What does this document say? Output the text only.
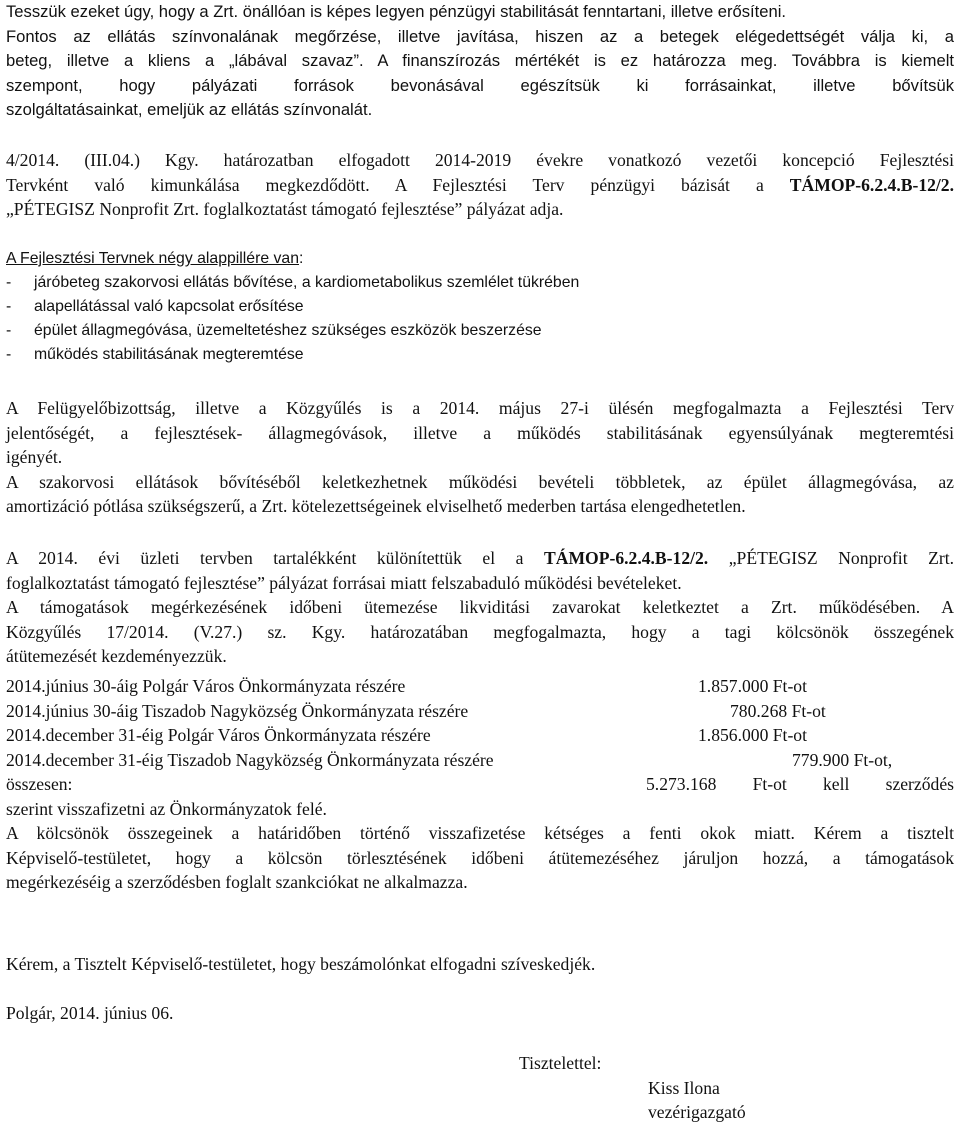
Tesszük ezeket úgy, hogy a Zrt. önállóan is képes legyen pénzügyi stabilitását fenntartani, illetve erősíteni.
Fontos az ellátás színvonalának megőrzése, illetve javítása, hiszen az a betegek elégedettségét válja ki, a
beteg, illetve a kliens a „lábával szavaz”. A finanszírozás mértékét is ez határozza meg. Továbbra is kiemelt
szempont, hogy pályázati források bevonásával egészítsük ki forrásainkat, illetve bővítsük
szolgáltatásainkat, emeljük az ellátás színvonalát.
4/2014. (III.04.) Kgy. határozatban elfogadott 2014-2019 évekre vonatkozó vezetői koncepció Fejlesztési
Tervként való kimunkálása megkezdődött. A Fejlesztési Terv pénzügyi bázisát a TÁMOP-6.2.4.B-12/2.
„PÉTEGISZ Nonprofit Zrt. foglalkoztatást támogató fejlesztése” pályázat adja.
A Fejlesztési Tervnek négy alappillére van:
-	járóbeteg szakorvosi ellátás bővítése, a kardiometabolikus szemlélet tükrében
-	alapellátással való kapcsolat erősítése
-	épület állagmegóvása, üzemeltetéshez szükséges eszközök beszerzése
-	működés stabilitásának megteremtése
A Felügyelőbizottság, illetve a Közgyűlés is a 2014. május 27-i ülésén megfogalmazta a Fejlesztési Terv
jelentőségét, a fejlesztések- állagmegóvások, illetve a működés stabilitásának egyensúlyának megteremtési
igényét.
A szakorvosi ellátások bővítéséből keletkezhetnek működési bevételi többletek, az épület állagmegóvása, az
amortizáció pótlása szükségszerű, a Zrt. kötelezettségeinek elviselhető mederben tartása elengedhetetlen.
A 2014. évi üzleti tervben tartalékként különítettük el a TÁMOP-6.2.4.B-12/2. „PÉTEGISZ Nonprofit Zrt.
foglalkoztatást támogató fejlesztése” pályázat forrásai miatt felszabaduló működési bevételeket.
A támogatások megérkezésének időbeni ütemezése likviditási zavarokat keletkeztet a Zrt. működésében. A
Közgyűlés 17/2014. (V.27.) sz. Kgy. határozatában megfogalmazta, hogy a tagi kölcsönök összegének
átütemezését kezdeményezzük.
2014.június 30-áig Polgár Város Önkormányzata részére	1.857.000 Ft-ot
2014.június 30-áig Tiszadob Nagyközség Önkormányzata részére	780.268 Ft-ot
2014.december 31-éig Polgár Város Önkormányzata részére	1.856.000 Ft-ot
2014.december 31-éig Tiszadob Nagyközség Önkormányzata részére	779.900 Ft-ot,
összesen:	5.273.168 Ft-ot kell szerződés
szerint visszafizetni az Önkormányzatok felé.
A kölcsönök összegeinek a határidőben történő visszafizetése kétséges a fenti okok miatt. Kérem a tisztelt
Képviselő-testületet, hogy a kölcsön törlesztésének időbeni átütemezéséhez járuljon hozzá, a támogatások
megérkezéséig a szerződésben foglalt szankciókat ne alkalmazza.
Kérem, a Tisztelt Képviselő-testületet, hogy beszámolónkat elfogadni szíveskedjék.
Polgár, 2014. június 06.
Tisztelettel:
Kiss Ilona
vezérigazgató
